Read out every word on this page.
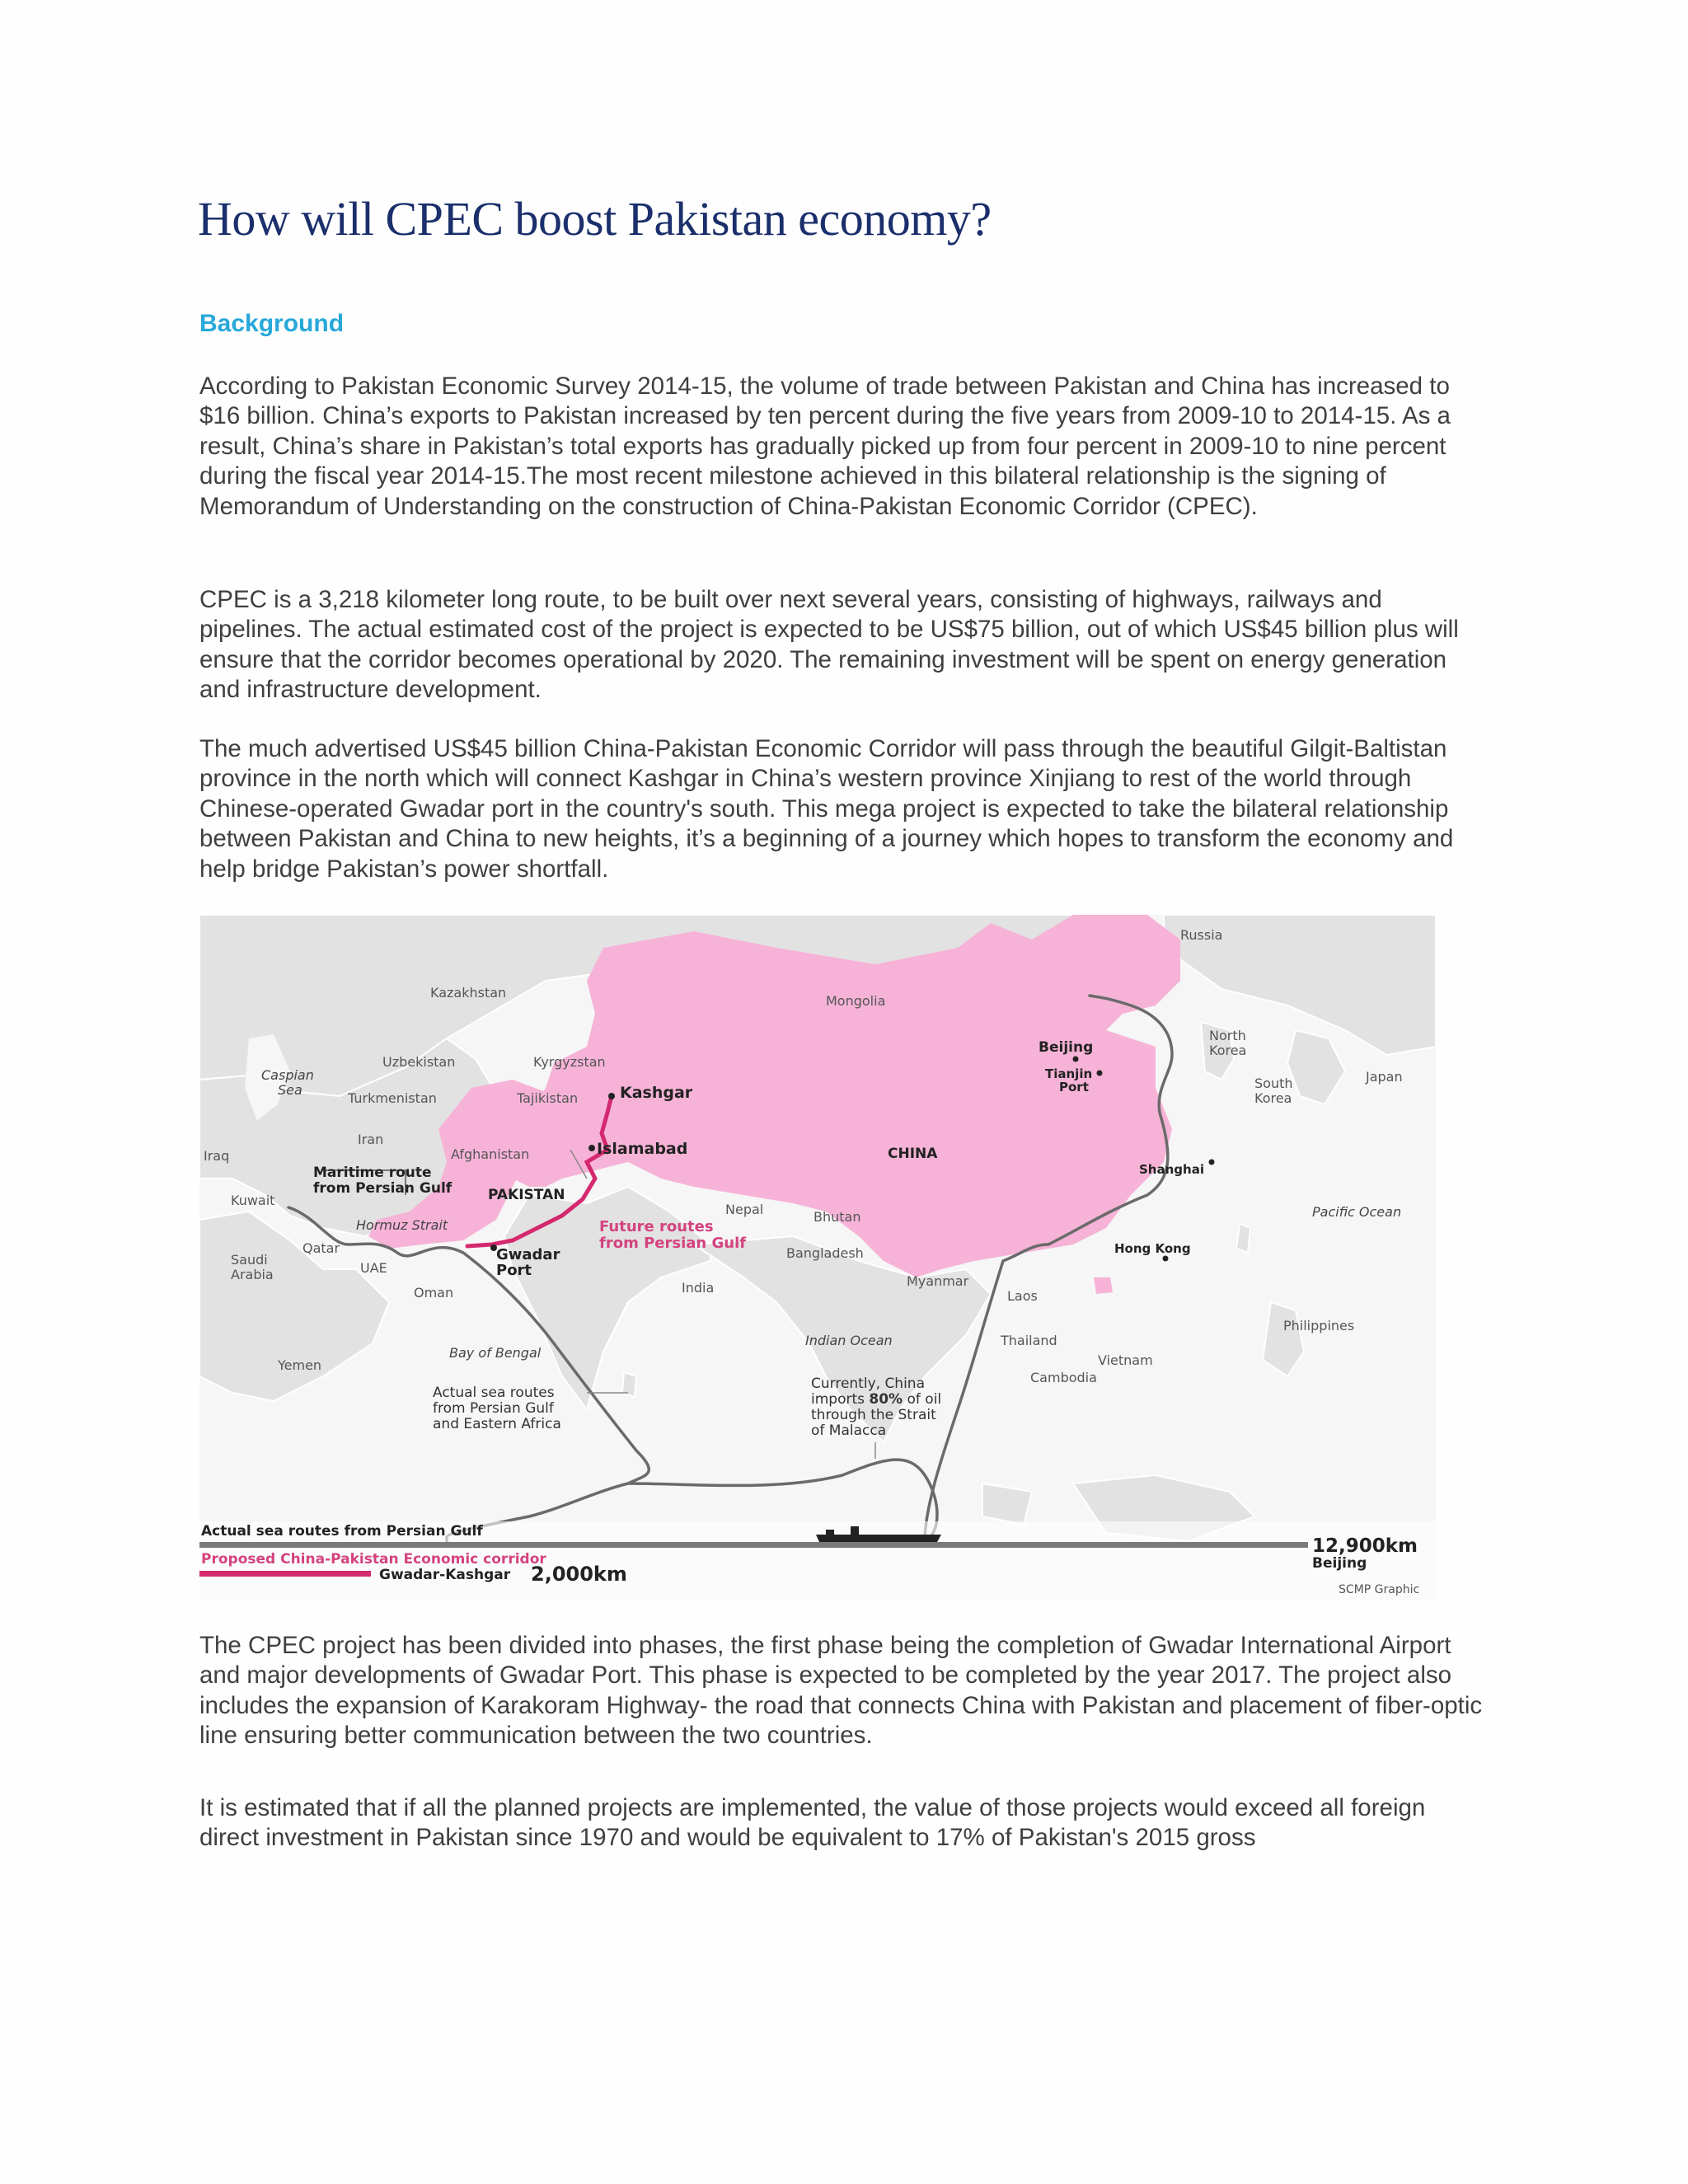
How will CPEC boost Pakistan economy?
Background

According to Pakistan Economic Survey 2014-15, the volume of trade between Pakistan and China has increased to $16 billion. China’s exports to Pakistan increased by ten percent during the five years from 2009-10 to 2014-15. As a result, China’s share in Pakistan’s total exports has gradually picked up from four percent in 2009-10 to nine percent during the fiscal year 2014-15.The most recent milestone achieved in this bilateral relationship is the signing of Memorandum of Understanding on the construction of China-Pakistan Economic Corridor (CPEC).

CPEC is a 3,218 kilometer long route, to be built over next several years, consisting of highways, railways and pipelines. The actual estimated cost of the project is expected to be US$75 billion, out of which US$45 billion plus will ensure that the corridor becomes operational by 2020. The remaining investment will be spent on energy generation and infrastructure development.

The much advertised US$45 billion China-Pakistan Economic Corridor will pass through the beautiful Gilgit-Baltistan province in the north which will connect Kashgar in China’s western province Xinjiang to rest of the world through Chinese-operated Gwadar port in the country's south. This mega project is expected to take the bilateral relationship between Pakistan and China to new heights, it’s a beginning of a journey which hopes to transform the economy and help bridge Pakistan’s power shortfall.

Russia
Kazakhstan
Mongolia
North
Korea
Uzbekistan	Kyrgyzstan
Japan
South
Korea
Turkmenistan	Tajikistan
Iran
Iraq	Afghanistan	CHINA
PAKISTAN
Kuwait
Nepal	Bhutan
Qatar
Saudi
Arabia	UAE
Oman
Bangladesh
India	Myanmar
Laos
Thailand
Vietnam
Cambodia
Philippines
Yemen
Caspian
Sea
Hormuz Strait
Bay of Bengal
Indian Ocean
Pacific Ocean
Beijing
Tianjin
Port
Kashgar
Islamabad
Shanghai
Hong Kong
Gwadar
Port
Maritime route
from Persian Gulf
Future routes
from Persian Gulf
Actual sea routes
from Persian Gulf
and Eastern Africa
Currently, China
imports 80% of oil
through the Strait
of Malacca
Actual sea routes from Persian Gulf
Proposed China-Pakistan Economic corridor
Gwadar-Kashgar 2,000km
12,900km
Beijing
SCMP Graphic

The CPEC project has been divided into phases, the first phase being the completion of Gwadar International Airport and major developments of Gwadar Port. This phase is expected to be completed by the year 2017. The project also includes the expansion of Karakoram Highway- the road that connects China with Pakistan and placement of fiber-optic line ensuring better communication between the two countries.

It is estimated that if all the planned projects are implemented, the value of those projects would exceed all foreign direct investment in Pakistan since 1970 and would be equivalent to 17% of Pakistan's 2015 gross
